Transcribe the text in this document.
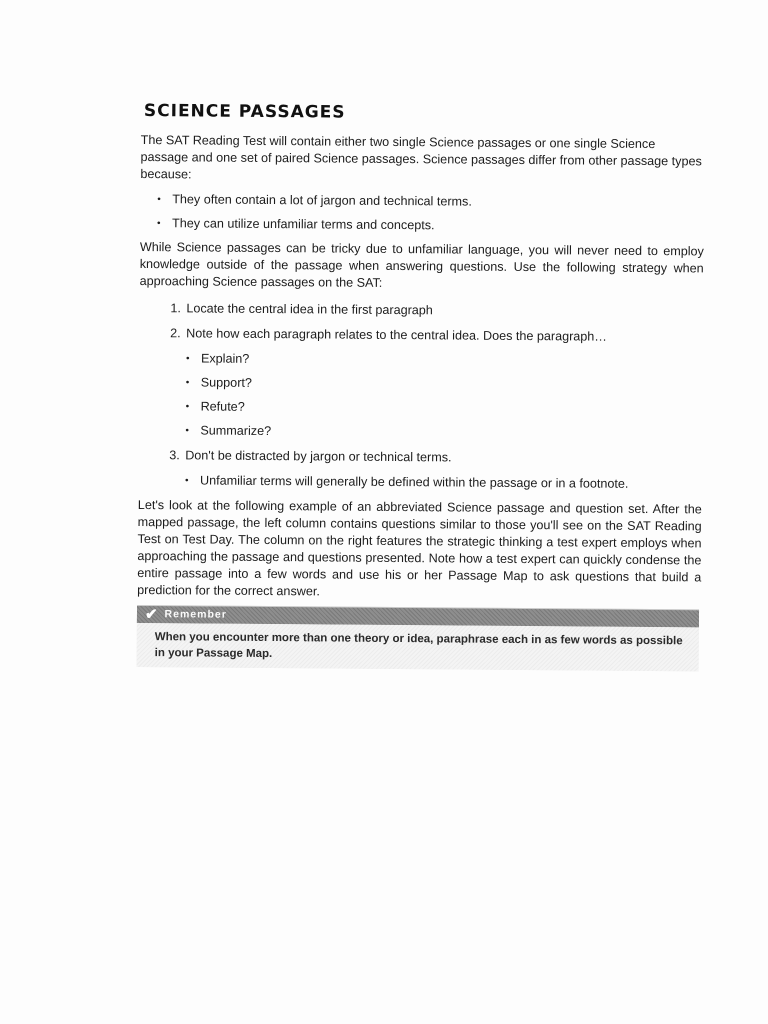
SCIENCE PASSAGES

The SAT Reading Test will contain either two single Science passages or one single Science passage and one set of paired Science passages. Science passages differ from other passage types because:

• They often contain a lot of jargon and technical terms.
• They can utilize unfamiliar terms and concepts.

While Science passages can be tricky due to unfamiliar language, you will never need to employ knowledge outside of the passage when answering questions. Use the following strategy when approaching Science passages on the SAT:

1. Locate the central idea in the first paragraph
2. Note how each paragraph relates to the central idea. Does the paragraph…
• Explain?
• Support?
• Refute?
• Summarize?
3. Don't be distracted by jargon or technical terms.
• Unfamiliar terms will generally be defined within the passage or in a footnote.

Let's look at the following example of an abbreviated Science passage and question set. After the mapped passage, the left column contains questions similar to those you'll see on the SAT Reading Test on Test Day. The column on the right features the strategic thinking a test expert employs when approaching the passage and questions presented. Note how a test expert can quickly condense the entire passage into a few words and use his or her Passage Map to ask questions that build a prediction for the correct answer.

✔ Remember
When you encounter more than one theory or idea, paraphrase each in as few words as possible in your Passage Map.
